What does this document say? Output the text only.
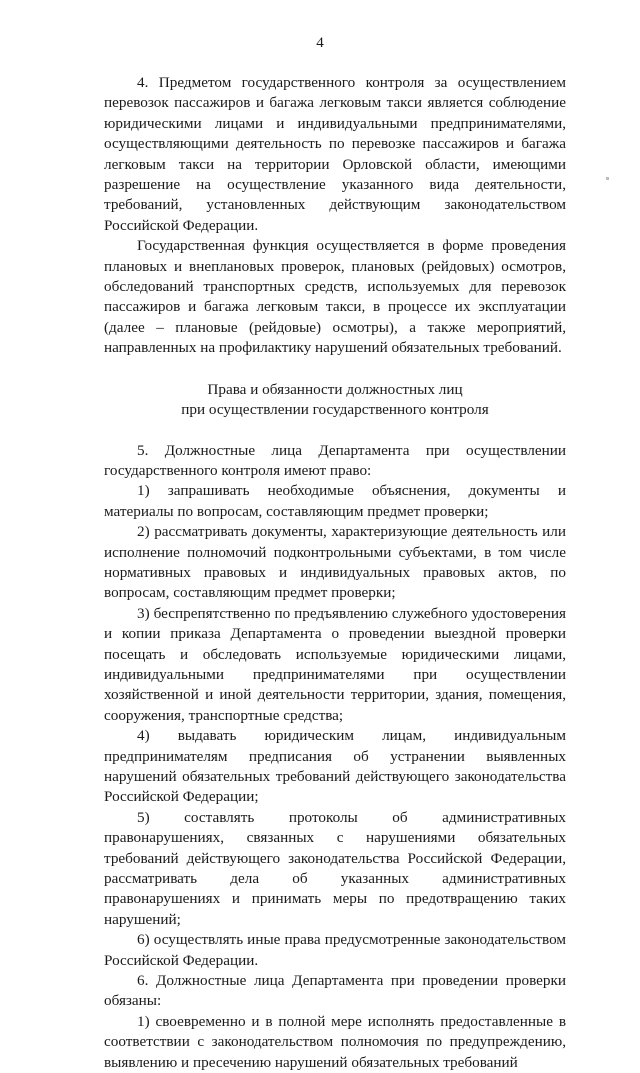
4

4. Предметом государственного контроля за осуществлением перевозок пассажиров и багажа легковым такси является соблюдение юридическими лицами и индивидуальными предпринимателями, осуществляющими деятельность по перевозке пассажиров и багажа легковым такси на территории Орловской области, имеющими разрешение на осуществление указанного вида деятельности, требований, установленных действующим законодательством Российской Федерации.

Государственная функция осуществляется в форме проведения плановых и внеплановых проверок, плановых (рейдовых) осмотров, обследований транспортных средств, используемых для перевозок пассажиров и багажа легковым такси, в процессе их эксплуатации (далее – плановые (рейдовые) осмотры), а также мероприятий, направленных на профилактику нарушений обязательных требований.

Права и обязанности должностных лиц
при осуществлении государственного контроля

5. Должностные лица Департамента при осуществлении государственного контроля имеют право:

1) запрашивать необходимые объяснения, документы и материалы по вопросам, составляющим предмет проверки;

2) рассматривать документы, характеризующие деятельность или исполнение полномочий подконтрольными субъектами, в том числе нормативных правовых и индивидуальных правовых актов, по вопросам, составляющим предмет проверки;

3) беспрепятственно по предъявлению служебного удостоверения и копии приказа Департамента о проведении выездной проверки посещать и обследовать используемые юридическими лицами, индивидуальными предпринимателями при осуществлении хозяйственной и иной деятельности территории, здания, помещения, сооружения, транспортные средства;

4) выдавать юридическим лицам, индивидуальным предпринимателям предписания об устранении выявленных нарушений обязательных требований действующего законодательства Российской Федерации;

5) составлять протоколы об административных правонарушениях, связанных с нарушениями обязательных требований действующего законодательства Российской Федерации, рассматривать дела об указанных административных правонарушениях и принимать меры по предотвращению таких нарушений;

6) осуществлять иные права предусмотренные законодательством Российской Федерации.

6. Должностные лица Департамента при проведении проверки обязаны:

1) своевременно и в полной мере исполнять предоставленные в соответствии с законодательством полномочия по предупреждению, выявлению и пресечению нарушений обязательных требований
